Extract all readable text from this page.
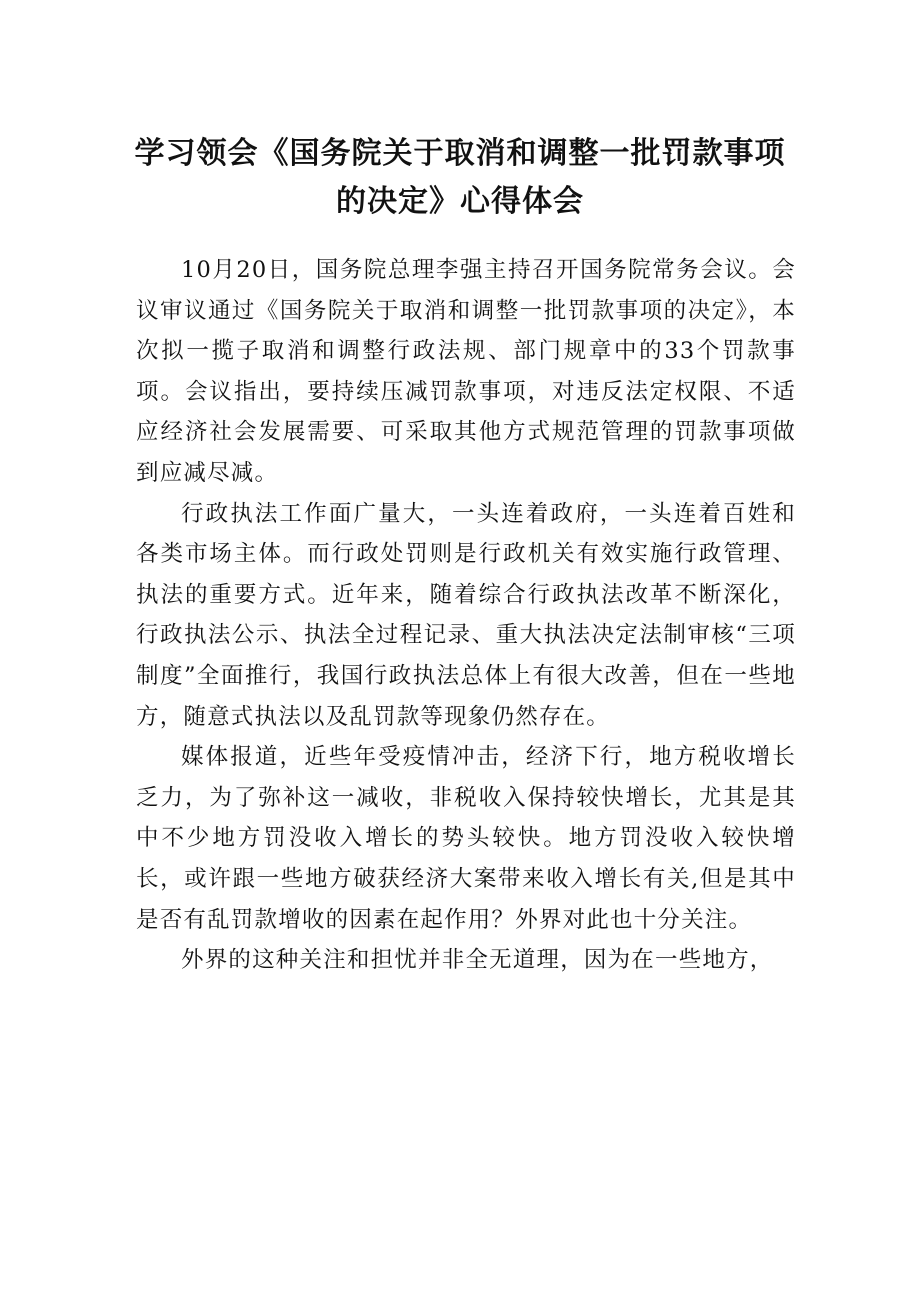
学习领会《国务院关于取消和调整一批罚款事项
的决定》心得体会

10月20日，国务院总理李强主持召开国务院常务会议。会议审议通过《国务院关于取消和调整一批罚款事项的决定》，本次拟一揽子取消和调整行政法规、部门规章中的33个罚款事项。会议指出，要持续压减罚款事项，对违反法定权限、不适应经济社会发展需要、可采取其他方式规范管理的罚款事项做到应减尽减。

行政执法工作面广量大，一头连着政府，一头连着百姓和各类市场主体。而行政处罚则是行政机关有效实施行政管理、执法的重要方式。近年来，随着综合行政执法改革不断深化，行政执法公示、执法全过程记录、重大执法决定法制审核“三项制度”全面推行，我国行政执法总体上有很大改善，但在一些地方，随意式执法以及乱罚款等现象仍然存在。

媒体报道，近些年受疫情冲击，经济下行，地方税收增长乏力，为了弥补这一减收，非税收入保持较快增长，尤其是其中不少地方罚没收入增长的势头较快。地方罚没收入较快增长，或许跟一些地方破获经济大案带来收入增长有关,但是其中是否有乱罚款增收的因素在起作用？外界对此也十分关注。

外界的这种关注和担忧并非全无道理，因为在一些地方，
